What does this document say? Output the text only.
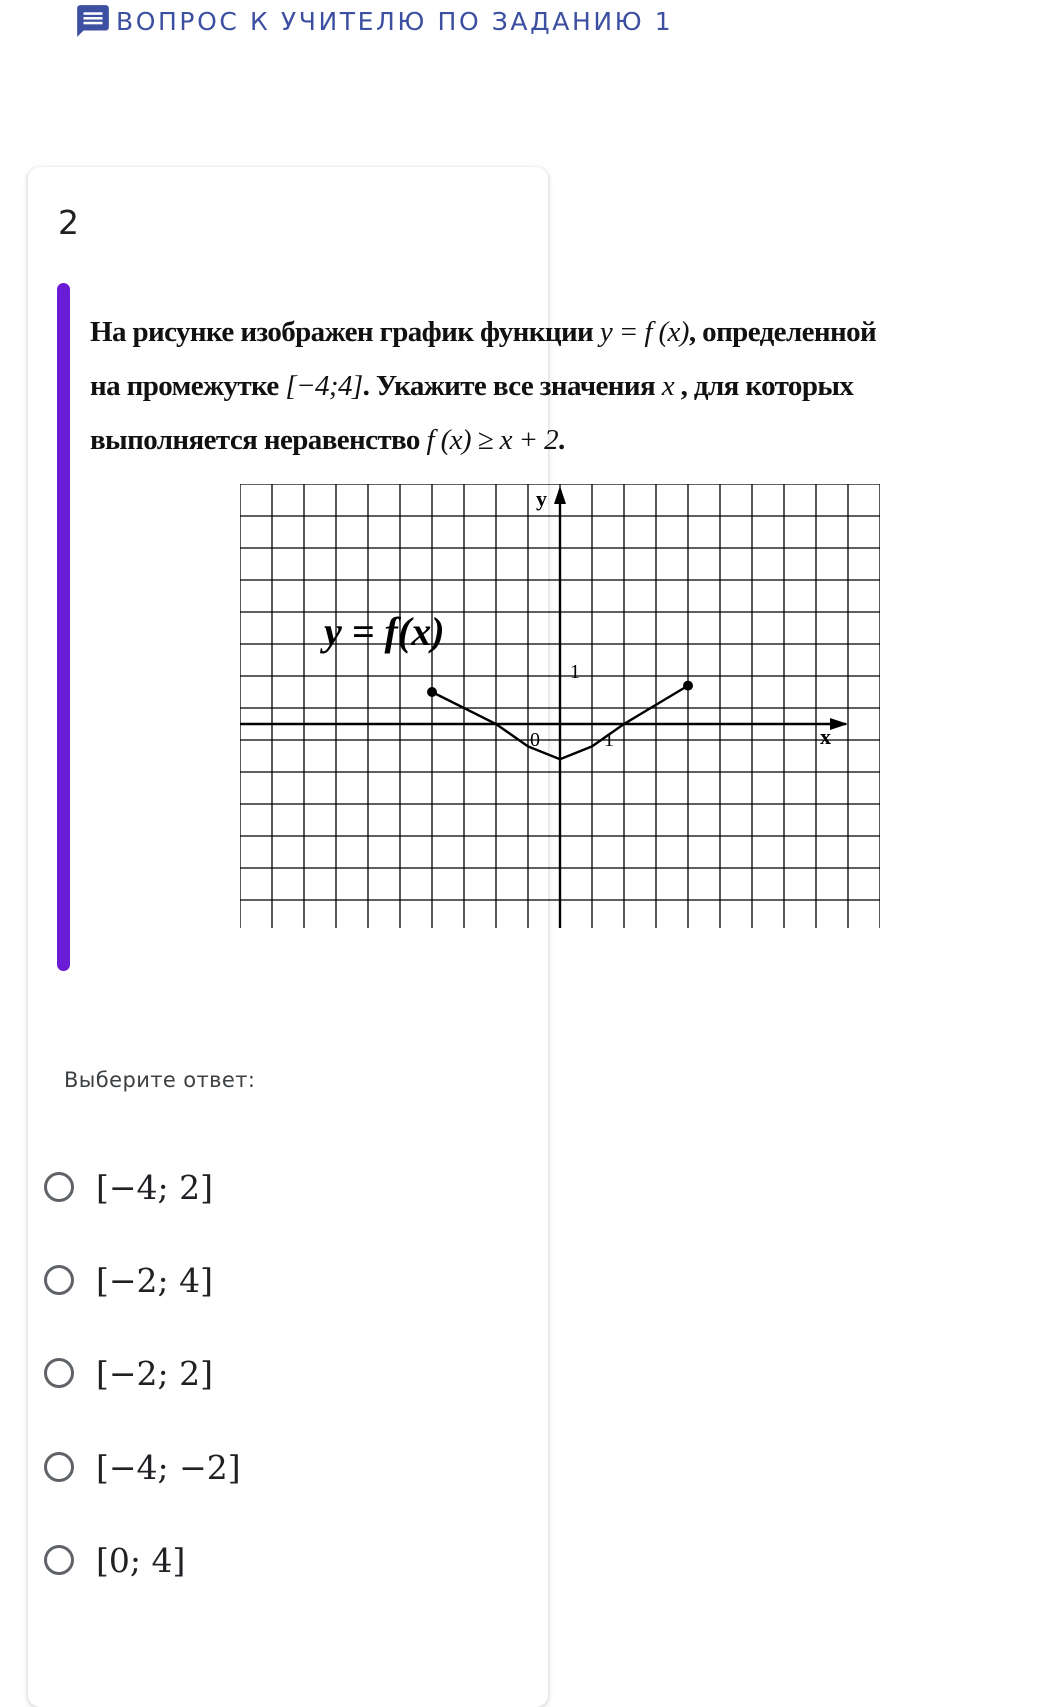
ВОПРОС К УЧИТЕЛЮ ПО ЗАДАНИЮ 1
2
На рисунке изображен график функции y = f (x), определенной
на промежутке [−4;4]. Укажите все значения x , для которых
выполняется неравенство f (x) ≥ x + 2.
y
x
0	1
1
y = f(x)
Выберите ответ:
[−4; 2]
[−2; 4]
[−2; 2]
[−4; −2]
[0; 4]
